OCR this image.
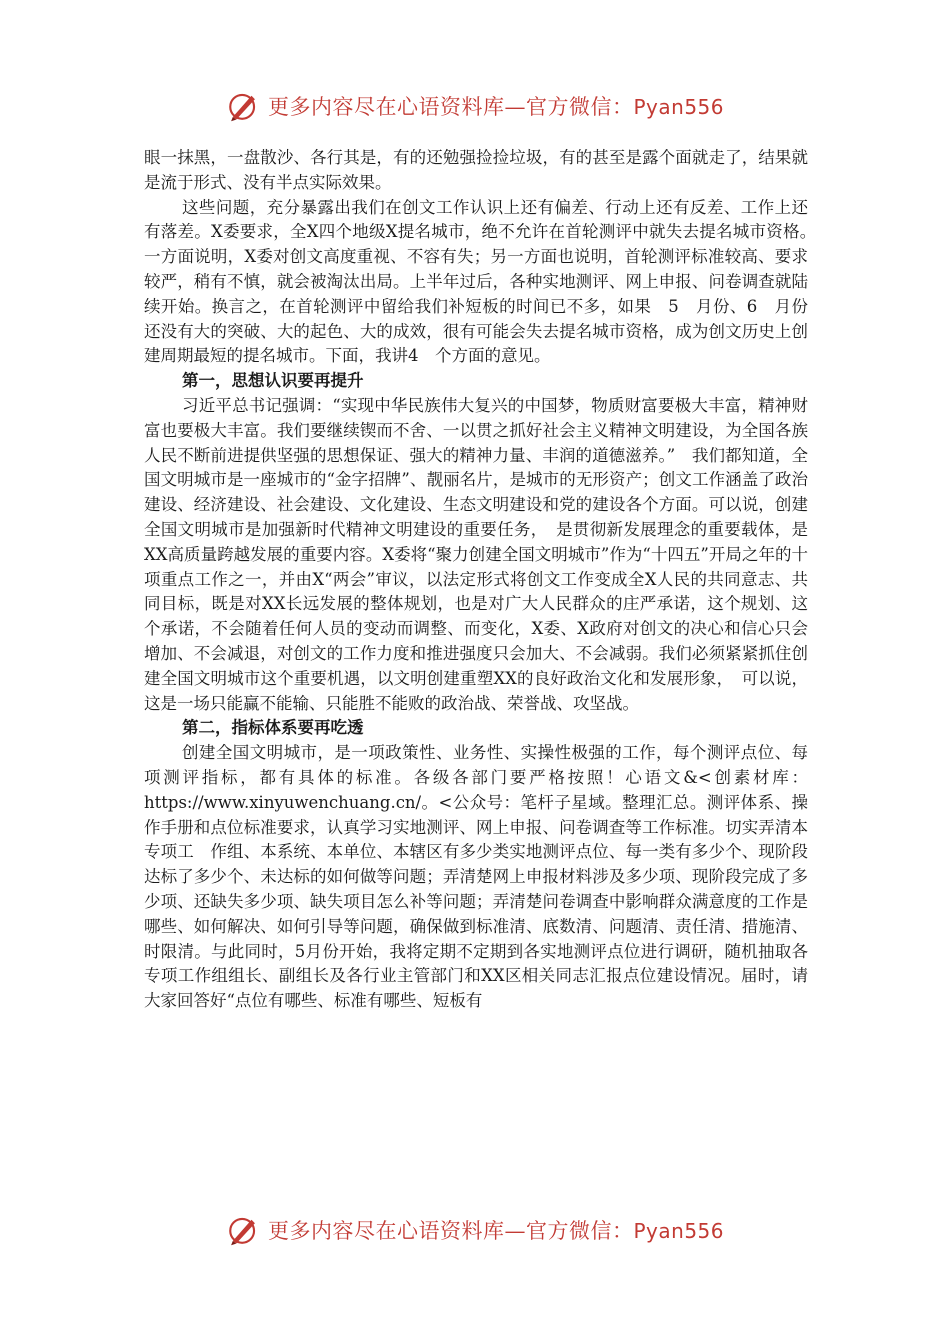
更多内容尽在心语资料库—官方微信：Pyan556

眼一抹黑，一盘散沙、各行其是，有的还勉强捡捡垃圾，有的甚至是露个面就走了，结果就是流于形式、没有半点实际效果。

这些问题，充分暴露出我们在创文工作认识上还有偏差、行动上还有反差、工作上还有落差。X委要求，全X四个地级X提名城市，绝不允许在首轮测评中就失去提名城市资格。　一方面说明，X委对创文高度重视、不容有失；另一方面也说明，首轮测评标准较高、要求较严，稍有不慎，就会被淘汰出局。上半年过后，各种实地测评、网上申报、问卷调查就陆续开始。换言之，在首轮测评中留给我们补短板的时间已不多，如果　5　月份、6　月份还没有大的突破、大的起色、大的成效，很有可能会失去提名城市资格，成为创文历史上创建周期最短的提名城市。下面，我讲4　个方面的意见。

第一，思想认识要再提升

习近平总书记强调：“实现中华民族伟大复兴的中国梦，物质财富要极大丰富，精神财富也要极大丰富。我们要继续锲而不舍、一以贯之抓好社会主义精神文明建设，为全国各族人民不断前进提供坚强的思想保证、强大的精神力量、丰润的道德滋养。”　我们都知道，全国文明城市是一座城市的“金字招牌”、靓丽名片，是城市的无形资产；创文工作涵盖了政治建设、经济建设、社会建设、文化建设、生态文明建设和党的建设各个方面。可以说，创建全国文明城市是加强新时代精神文明建设的重要任务，　是贯彻新发展理念的重要载体，是XX高质量跨越发展的重要内容。X委将“聚力创建全国文明城市”作为“十四五”开局之年的十项重点工作之一，并由X“两会”审议，以法定形式将创文工作变成全X人民的共同意志、共同目标，既是对XX长远发展的整体规划，也是对广大人民群众的庄严承诺，这个规划、这个承诺，不会随着任何人员的变动而调整、而变化，X委、X政府对创文的决心和信心只会增加、不会减退，对创文的工作力度和推进强度只会加大、不会减弱。我们必须紧紧抓住创建全国文明城市这个重要机遇，以文明创建重塑XX的良好政治文化和发展形象，　可以说，这是一场只能赢不能输、只能胜不能败的政治战、荣誉战、攻坚战。

第二，指标体系要再吃透

创建全国文明城市，是一项政策性、业务性、实操性极强的工作，每个测评点位、每项测评指标，都有具体的标准。各级各部门要严格按照！心语文&<创素材库：https://www.xinyuwenchuang.cn/。<公众号：笔杆子星域。整理汇总。测评体系、操作手册和点位标准要求，认真学习实地测评、网上申报、问卷调查等工作标准。切实弄清本专项工　作组、本系统、本单位、本辖区有多少类实地测评点位、每一类有多少个、现阶段达标了多少个、未达标的如何做等问题；弄清楚网上申报材料涉及多少项、现阶段完成了多少项、还缺失多少项、缺失项目怎么补等问题；弄清楚问卷调查中影响群众满意度的工作是哪些、如何解决、如何引导等问题，确保做到标准清、底数清、问题清、责任清、措施清、时限清。与此同时，5月份开始，我将定期不定期到各实地测评点位进行调研，随机抽取各专项工作组组长、副组长及各行业主管部门和XX区相关同志汇报点位建设情况。届时，请大家回答好“点位有哪些、标准有哪些、短板有

更多内容尽在心语资料库—官方微信：Pyan556
